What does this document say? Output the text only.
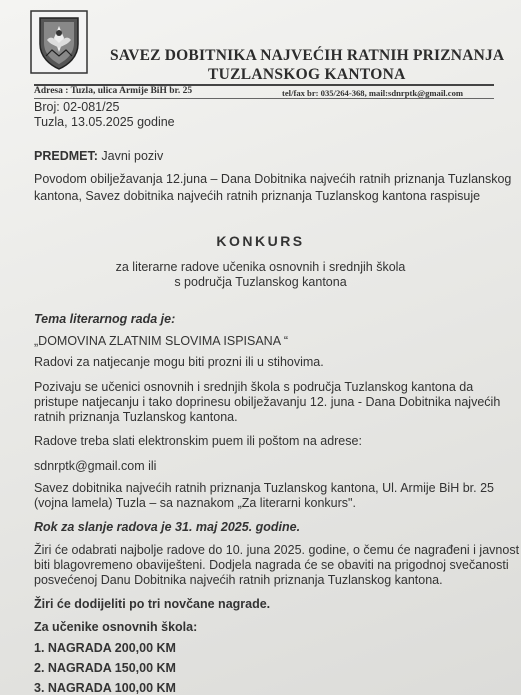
SAVEZ DOBITNIKA NAJVEĆIH RATNIH PRIZNANJA
TUZLANSKOG KANTONA
Adresa : Tuzla, ulica Armije BiH br. 25	tel/fax br: 035/264-368, mail:sdnrptk@gmail.com
Broj: 02-081/25
Tuzla, 13.05.2025 godine
PREDMET: Javni poziv
Povodom obilježavanja 12.juna – Dana Dobitnika najvećih ratnih priznanja Tuzlanskog
kantona, Savez dobitnika najvećih ratnih priznanja Tuzlanskog kantona raspisuje
KONKURS
za literarne radove učenika osnovnih i srednjih škola
s područja Tuzlanskog kantona
Tema literarnog rada je:
„DOMOVINA ZLATNIM SLOVIMA ISPISANA “
Radovi za natjecanje mogu biti prozni ili u stihovima.
Pozivaju se učenici osnovnih i srednjih škola s područja Tuzlanskog kantona da
pristupe natjecanju i tako doprinesu obilježavanju 12. juna - Dana Dobitnika najvećih
ratnih priznanja Tuzlanskog kantona.
Radove treba slati elektronskim puem ili poštom na adrese:
sdnrptk@gmail.com ili
Savez dobitnika najvećih ratnih priznanja Tuzlanskog kantona, Ul. Armije BiH br. 25
(vojna lamela) Tuzla – sa naznakom „Za literarni konkurs".
Rok za slanje radova je 31. maj 2025. godine.
Žiri će odabrati najbolje radove do 10. juna 2025. godine, o čemu će nagrađeni i javnost
biti blagovremeno obaviješteni. Dodjela nagrada će se obaviti na prigodnoj svečanosti
posvećenoj Danu Dobitnika najvećih ratnih priznanja Tuzlanskog kantona.
Žiri će dodijeliti po tri novčane nagrade.
Za učenike osnovnih škola:
1. NAGRADA 200,00 KM
2. NAGRADA 150,00 KM
3. NAGRADA 100,00 KM
